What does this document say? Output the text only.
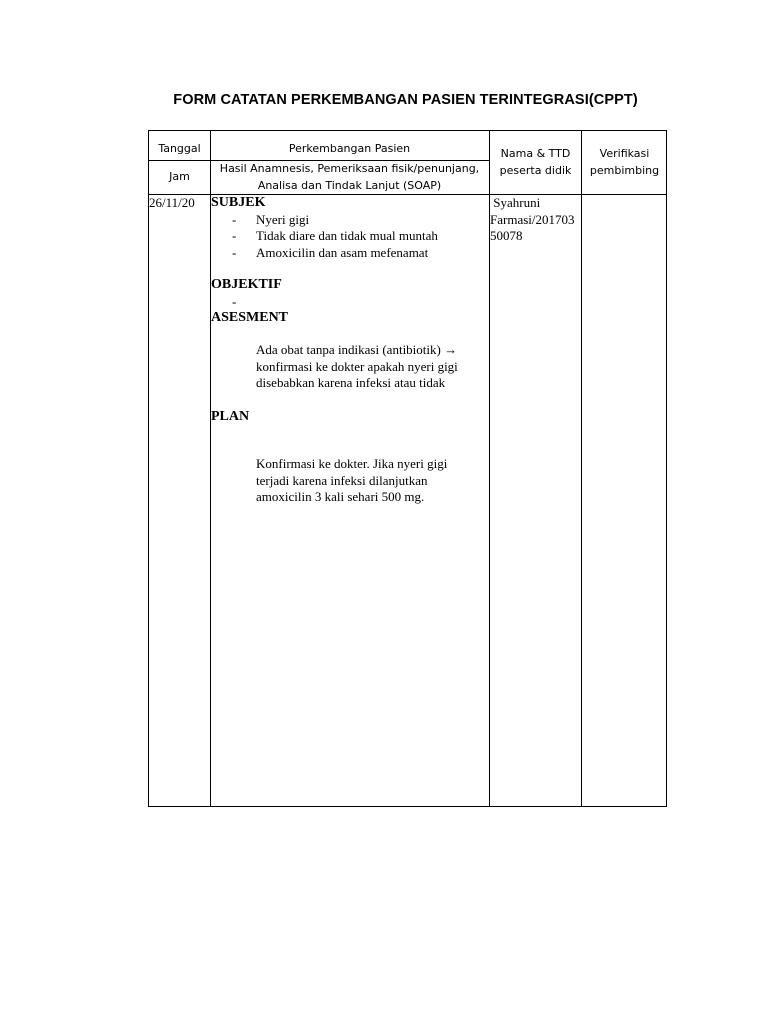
FORM CATATAN PERKEMBANGAN PASIEN TERINTEGRASI(CPPT)
Tanggal
Jam
Perkembangan Pasien
Hasil Anamnesis, Pemeriksaan fisik/penunjang,
Analisa dan Tindak Lanjut (SOAP)
Nama & TTD
peserta didik
Verifikasi
pembimbing
26/11/20 SUBJEK
- Nyeri gigi
- Tidak diare dan tidak mual muntah
- Amoxicilin dan asam mefenamat
OBJEKTIF
-
ASESMENT
Ada obat tanpa indikasi (antibiotik) →
konfirmasi ke dokter apakah nyeri gigi
disebabkan karena infeksi atau tidak
PLAN
Konfirmasi ke dokter. Jika nyeri gigi
terjadi karena infeksi dilanjutkan
amoxicilin 3 kali sehari 500 mg.
Syahruni
Farmasi/201703
50078
